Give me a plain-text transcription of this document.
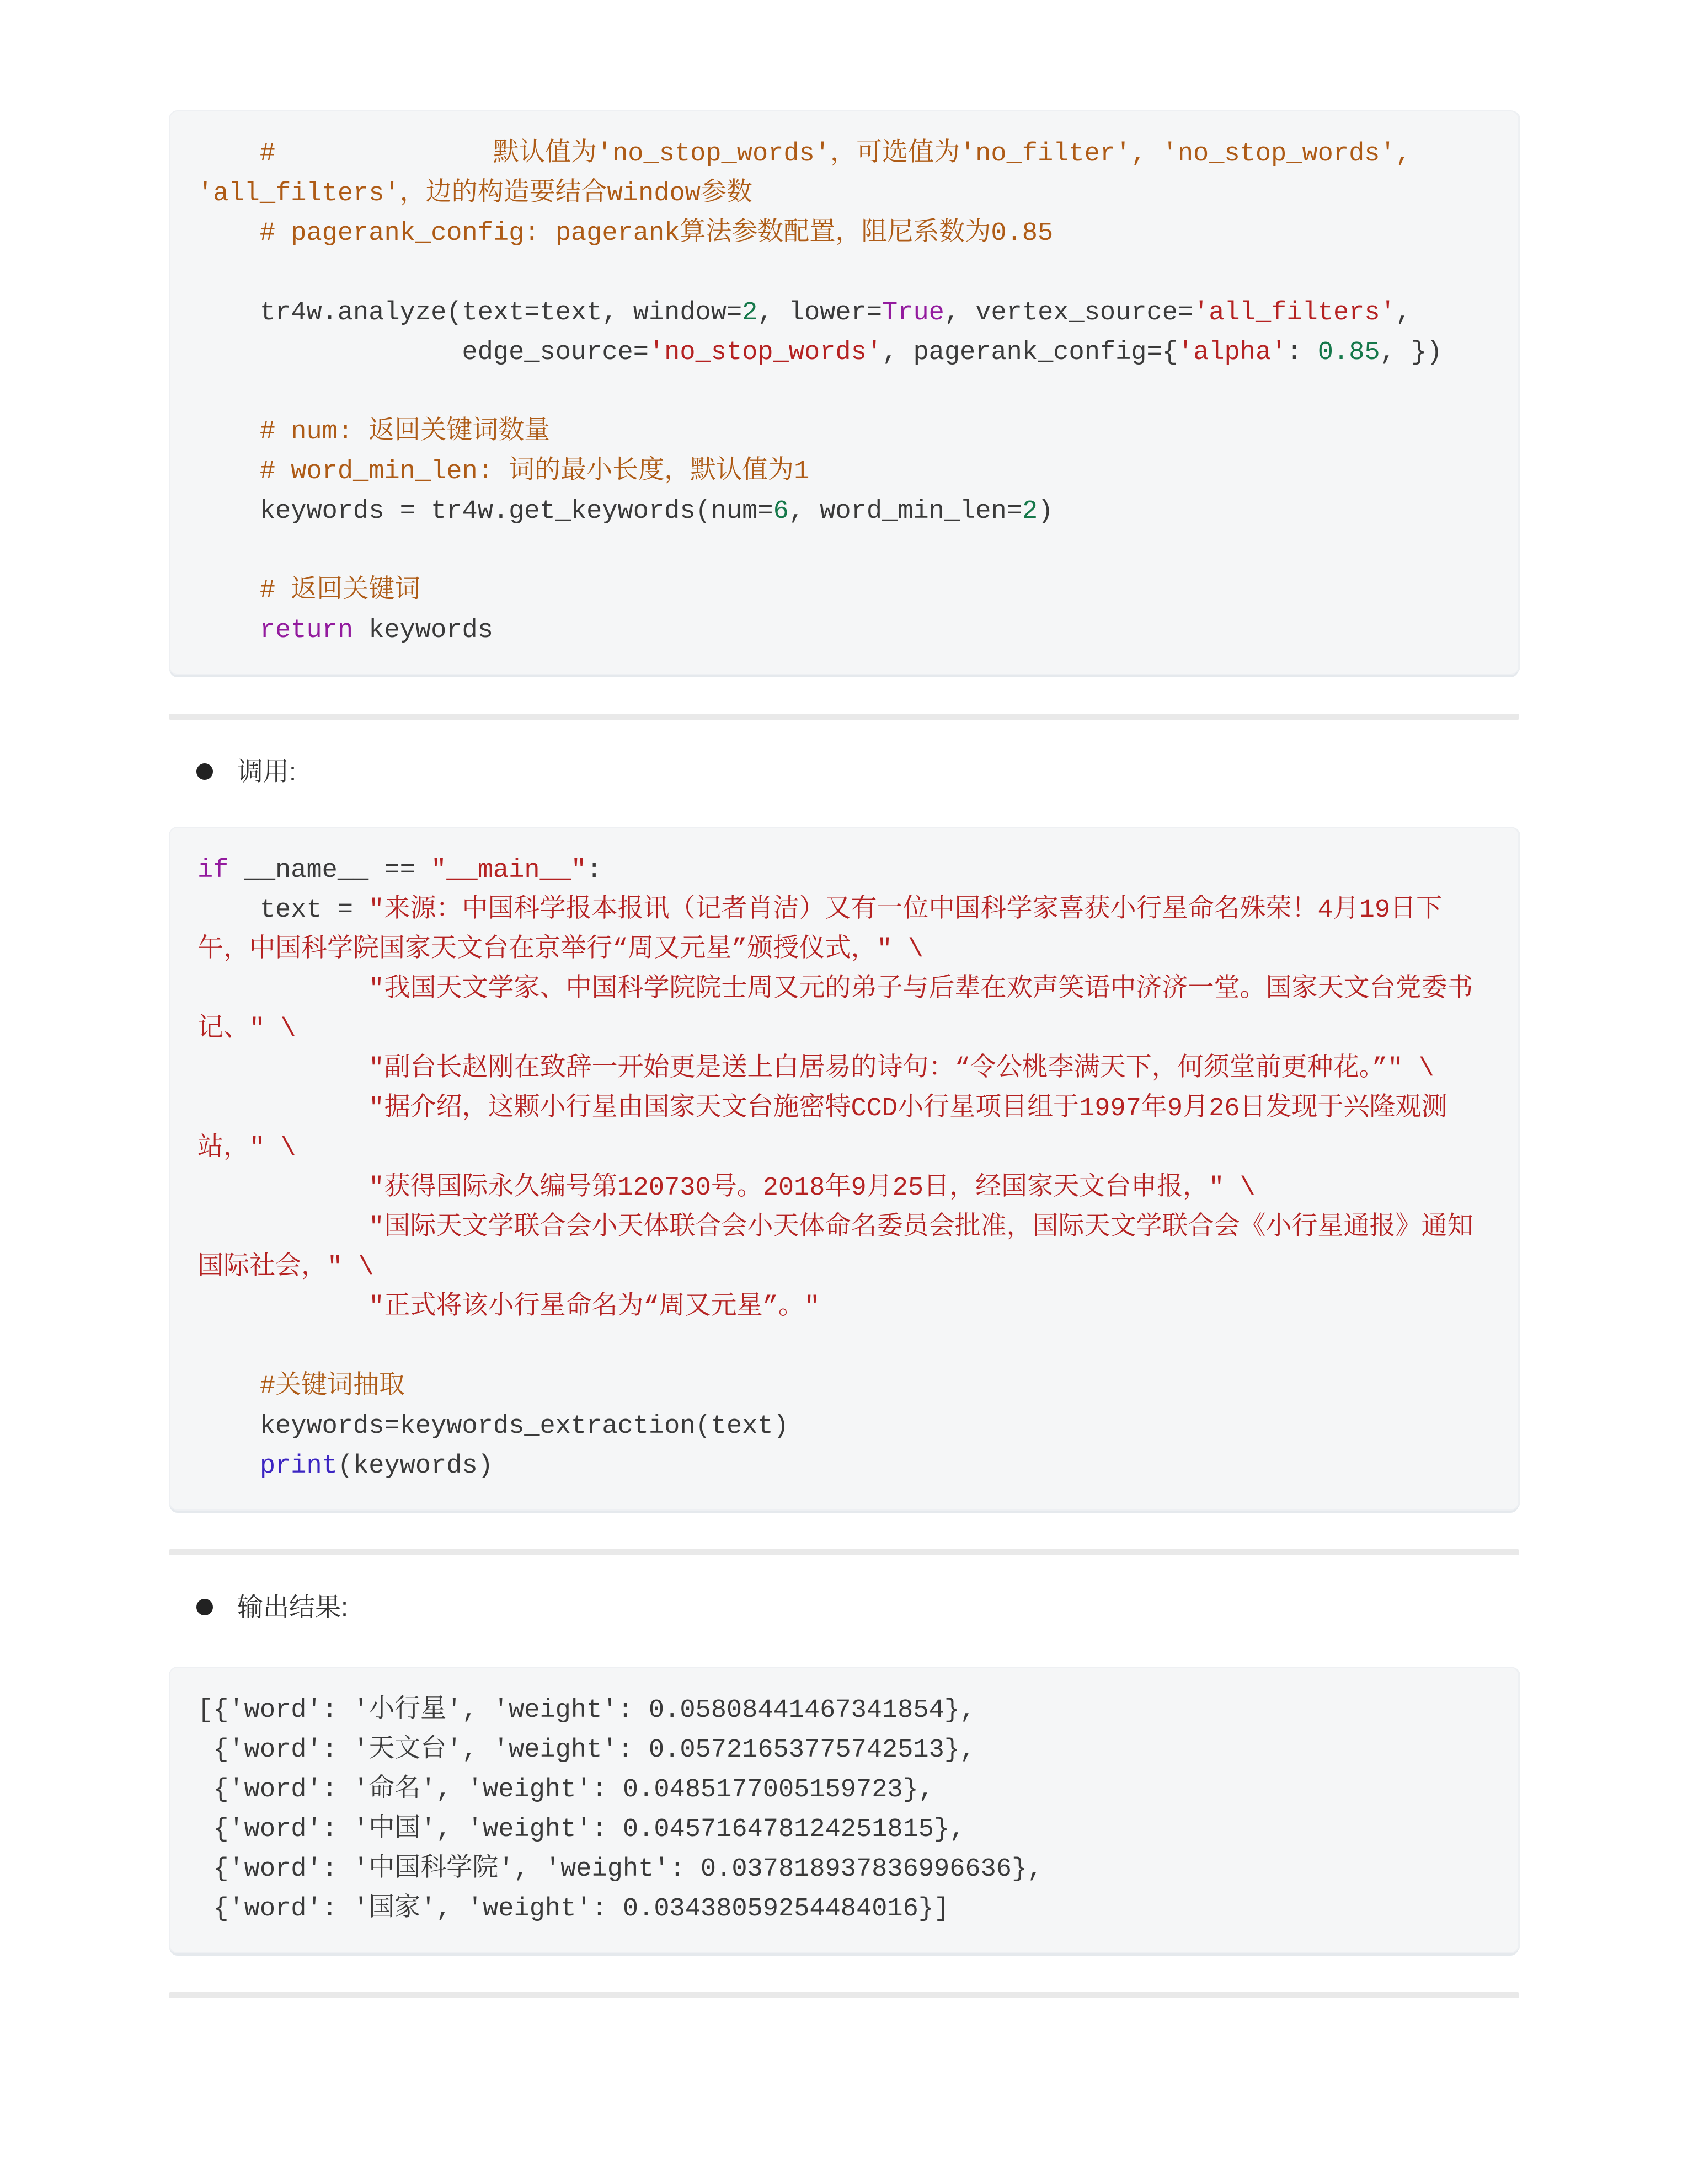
#              默认值为'no_stop_words'，可选值为'no_filter', 'no_stop_words', 'all_filters'，边的构造要结合window参数
# pagerank_config: pagerank算法参数配置，阻尼系数为0.85

tr4w.analyze(text=text, window=2, lower=True, vertex_source='all_filters',
edge_source='no_stop_words', pagerank_config={'alpha': 0.85, })

# num: 返回关键词数量
# word_min_len: 词的最小长度，默认值为1
keywords = tr4w.get_keywords(num=6, word_min_len=2)

# 返回关键词
return keywords
调用:
if __name__ == "__main__":
text = "来源：中国科学报本报讯（记者肖洁）又有一位中国科学家喜获小行星命名殊荣！4月19日下午，中国科学院国家天文台在京举行“周又元星”颁授仪式，" \
"我国天文学家、中国科学院院士周又元的弟子与后辈在欢声笑语中济济一堂。国家天文台党委书记、" \
"副台长赵刚在致辞一开始更是送上白居易的诗句：“令公桃李满天下，何须堂前更种花。”" \
"据介绍，这颗小行星由国家天文台施密特CCD小行星项目组于1997年9月26日发现于兴隆观测站，" \
"获得国际永久编号第120730号。2018年9月25日，经国家天文台申报，" \
"国际天文学联合会小天体联合会小天体命名委员会批准，国际天文学联合会《小行星通报》通知国际社会，" \
"正式将该小行星命名为“周又元星”。"

#关键词抽取
keywords=keywords_extraction(text)
print(keywords)
输出结果:
[{'word': '小行星', 'weight': 0.05808441467341854},
{'word': '天文台', 'weight': 0.05721653775742513},
{'word': '命名', 'weight': 0.0485177005159723},
{'word': '中国', 'weight': 0.045716478124251815},
{'word': '中国科学院', 'weight': 0.037818937836996636},
{'word': '国家', 'weight': 0.03438059254484016}]
